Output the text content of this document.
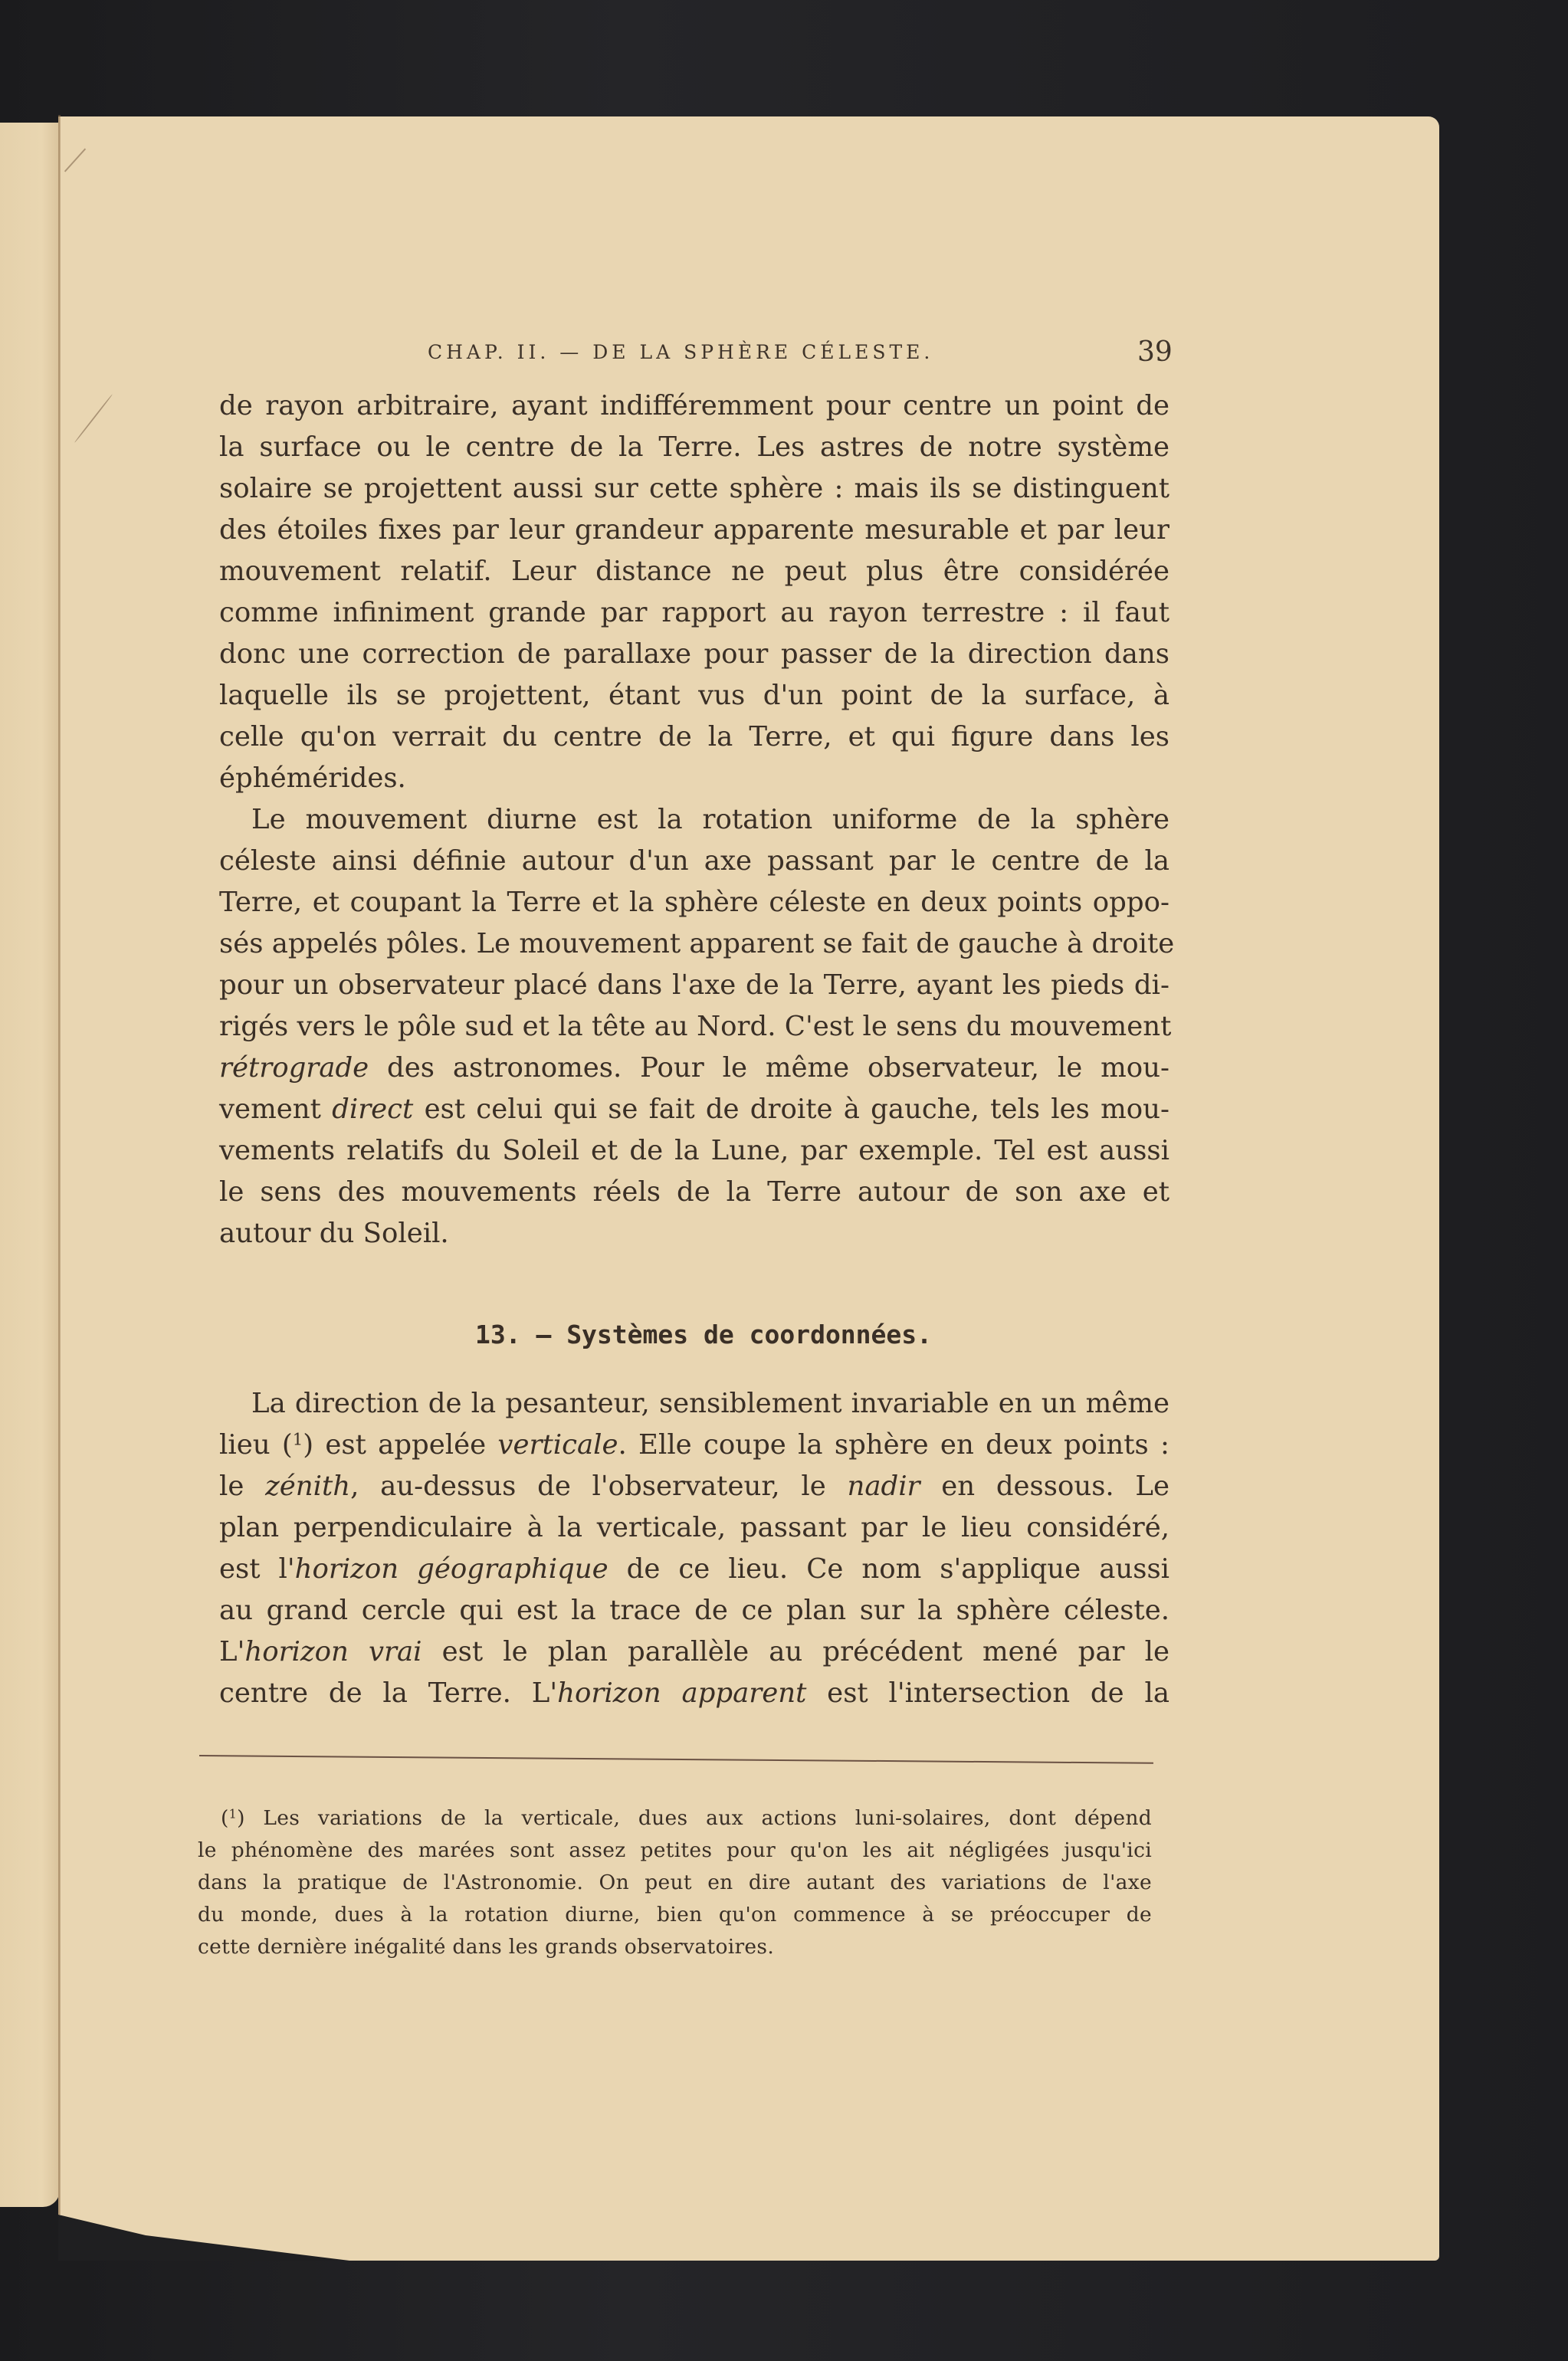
CHAP. II. — DE LA SPHÈRE CÉLESTE.	39
de rayon arbitraire, ayant indifféremment pour centre un point de
la surface ou le centre de la Terre. Les astres de notre système
solaire se projettent aussi sur cette sphère : mais ils se distinguent
des étoiles fixes par leur grandeur apparente mesurable et par leur
mouvement relatif. Leur distance ne peut plus être considérée
comme infiniment grande par rapport au rayon terrestre : il faut
donc une correction de parallaxe pour passer de la direction dans
laquelle ils se projettent, étant vus d'un point de la surface, à
celle qu'on verrait du centre de la Terre, et qui figure dans les
éphémérides.
Le mouvement diurne est la rotation uniforme de la sphère
céleste ainsi définie autour d'un axe passant par le centre de la
Terre, et coupant la Terre et la sphère céleste en deux points oppo-
sés appelés pôles. Le mouvement apparent se fait de gauche à droite
pour un observateur placé dans l'axe de la Terre, ayant les pieds di-
rigés vers le pôle sud et la tête au Nord. C'est le sens du mouvement
rétrograde des astronomes. Pour le même observateur, le mou-
vement direct est celui qui se fait de droite à gauche, tels les mou-
vements relatifs du Soleil et de la Lune, par exemple. Tel est aussi
le sens des mouvements réels de la Terre autour de son axe et
autour du Soleil.
13. — Systèmes de coordonnées.
La direction de la pesanteur, sensiblement invariable en un même
lieu ($^1$) est appelée verticale. Elle coupe la sphère en deux points :
le zénith, au-dessus de l'observateur, le nadir en dessous. Le
plan perpendiculaire à la verticale, passant par le lieu considéré,
est l'horizon géographique de ce lieu. Ce nom s'applique aussi
au grand cercle qui est la trace de ce plan sur la sphère céleste.
L'horizon vrai est le plan parallèle au précédent mené par le
centre de la Terre. L'horizon apparent est l'intersection de la
($^1$) Les variations de la verticale, dues aux actions luni-solaires, dont dépend
le phénomène des marées sont assez petites pour qu'on les ait négligées jusqu'ici
dans la pratique de l'Astronomie. On peut en dire autant des variations de l'axe
du monde, dues à la rotation diurne, bien qu'on commence à se préoccuper de
cette dernière inégalité dans les grands observatoires.
